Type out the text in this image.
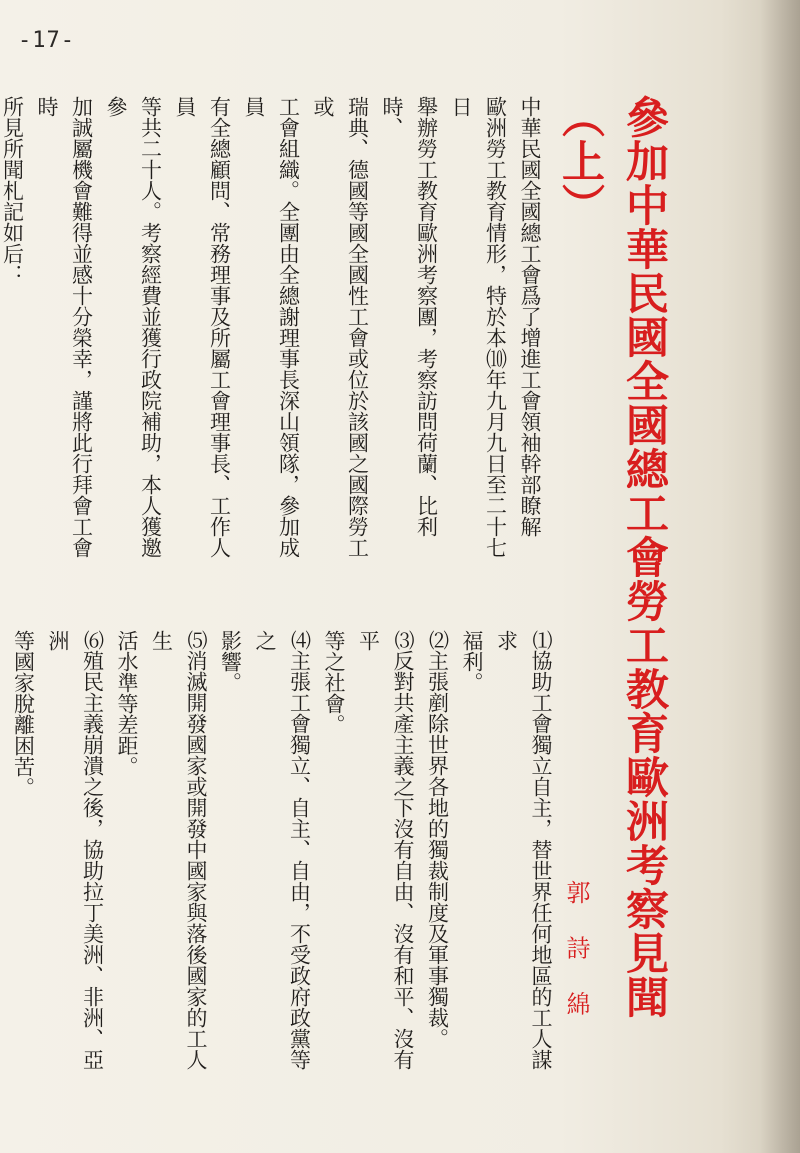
-17-
參加中華民國全國總工會勞工教育歐洲考察見聞（上）
郭 詩 綿

中華民國全國總工會爲了增進工會領袖幹部瞭解

歐洲勞工教育情形，特於本⑽年九月九日至二十七日

舉辦勞工教育歐洲考察團，考察訪問荷蘭、比利時、

瑞典、德國等國全國性工會或位於該國之國際勞工或

工會組織。全團由全總謝理事長深山領隊，參加成員

有全總顧問、常務理事及所屬工會理事長、工作人員

等共二十人。考察經費並獲行政院補助，本人獲邀參

加誠屬機會難得並感十分榮幸，謹將此行拜會工會時

所見所聞札記如后：

⑴協助工會獨立自主，替世界任何地區的工人謀求

福利。

⑵主張剷除世界各地的獨裁制度及軍事獨裁。

⑶反對共產主義之下沒有自由、沒有和平、沒有平

等之社會。

⑷主張工會獨立、自主、自由，不受政府政黨等之

影響。

⑸消滅開發國家或開發中國家與落後國家的工人生

活水準等差距。

⑹殖民主義崩潰之後，協助拉丁美洲、非洲、亞洲

等國家脫離困苦。
